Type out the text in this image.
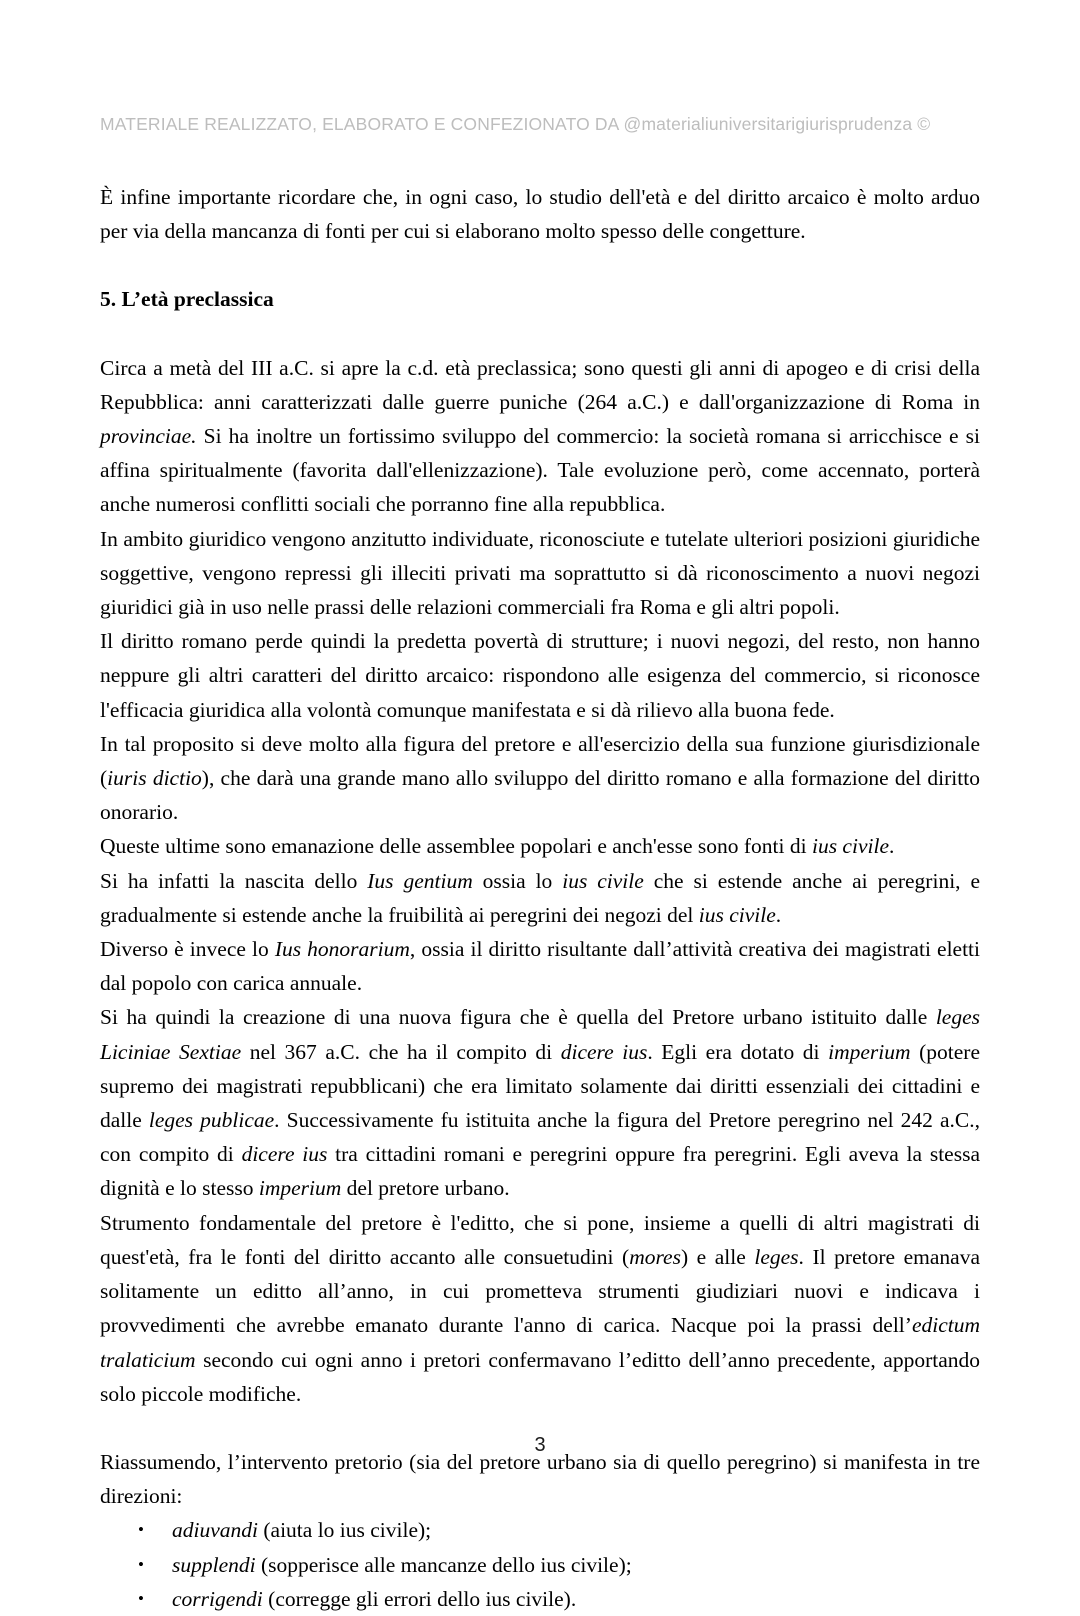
MATERIALE REALIZZATO, ELABORATO E CONFEZIONATO DA @materialiuniversitarigiurisprudenza ©

È infine importante ricordare che, in ogni caso, lo studio dell'età e del diritto arcaico è molto arduo per via della mancanza di fonti per cui si elaborano molto spesso delle congetture.

5. L’età preclassica

Circa a metà del III a.C. si apre la c.d. età preclassica; sono questi gli anni di apogeo e di crisi della Repubblica: anni caratterizzati dalle guerre puniche (264 a.C.) e dall'organizzazione di Roma in provinciae. Si ha inoltre un fortissimo sviluppo del commercio: la società romana si arricchisce e si affina spiritualmente (favorita dall'ellenizzazione). Tale evoluzione però, come accennato, porterà anche numerosi conflitti sociali che porranno fine alla repubblica.

In ambito giuridico vengono anzitutto individuate, riconosciute e tutelate ulteriori posizioni giuridiche soggettive, vengono repressi gli illeciti privati ma soprattutto si dà riconoscimento a nuovi negozi giuridici già in uso nelle prassi delle relazioni commerciali fra Roma e gli altri popoli.

Il diritto romano perde quindi la predetta povertà di strutture; i nuovi negozi, del resto, non hanno neppure gli altri caratteri del diritto arcaico: rispondono alle esigenza del commercio, si riconosce l'efficacia giuridica alla volontà comunque manifestata e si dà rilievo alla buona fede.

In tal proposito si deve molto alla figura del pretore e all'esercizio della sua funzione giurisdizionale (iuris dictio), che darà una grande mano allo sviluppo del diritto romano e alla formazione del diritto onorario.

Queste ultime sono emanazione delle assemblee popolari e anch'esse sono fonti di ius civile.

Si ha infatti la nascita dello Ius gentium ossia lo ius civile che si estende anche ai peregrini, e gradualmente si estende anche la fruibilità ai peregrini dei negozi del ius civile.

Diverso è invece lo Ius honorarium, ossia il diritto risultante dall’attività creativa dei magistrati eletti dal popolo con carica annuale.

Si ha quindi la creazione di una nuova figura che è quella del Pretore urbano istituito dalle leges Liciniae Sextiae nel 367 a.C. che ha il compito di dicere ius. Egli era dotato di imperium (potere supremo dei magistrati repubblicani) che era limitato solamente dai diritti essenziali dei cittadini e dalle leges publicae. Successivamente fu istituita anche la figura del Pretore peregrino nel 242 a.C., con compito di dicere ius tra cittadini romani e peregrini oppure fra peregrini. Egli aveva la stessa dignità e lo stesso imperium del pretore urbano.

Strumento fondamentale del pretore è l'editto, che si pone, insieme a quelli di altri magistrati di quest'età, fra le fonti del diritto accanto alle consuetudini (mores) e alle leges. Il pretore emanava solitamente un editto all’anno, in cui prometteva strumenti giudiziari nuovi e indicava i provvedimenti che avrebbe emanato durante l'anno di carica. Nacque poi la prassi dell’edictum tralaticium secondo cui ogni anno i pretori confermavano l’editto dell’anno precedente, apportando solo piccole modifiche.

Riassumendo, l’intervento pretorio (sia del pretore urbano sia di quello peregrino) si manifesta in tre direzioni:

• adiuvandi (aiuta lo ius civile);
• supplendi (sopperisce alle mancanze dello ius civile);
• corrigendi (corregge gli errori dello ius civile).
3
